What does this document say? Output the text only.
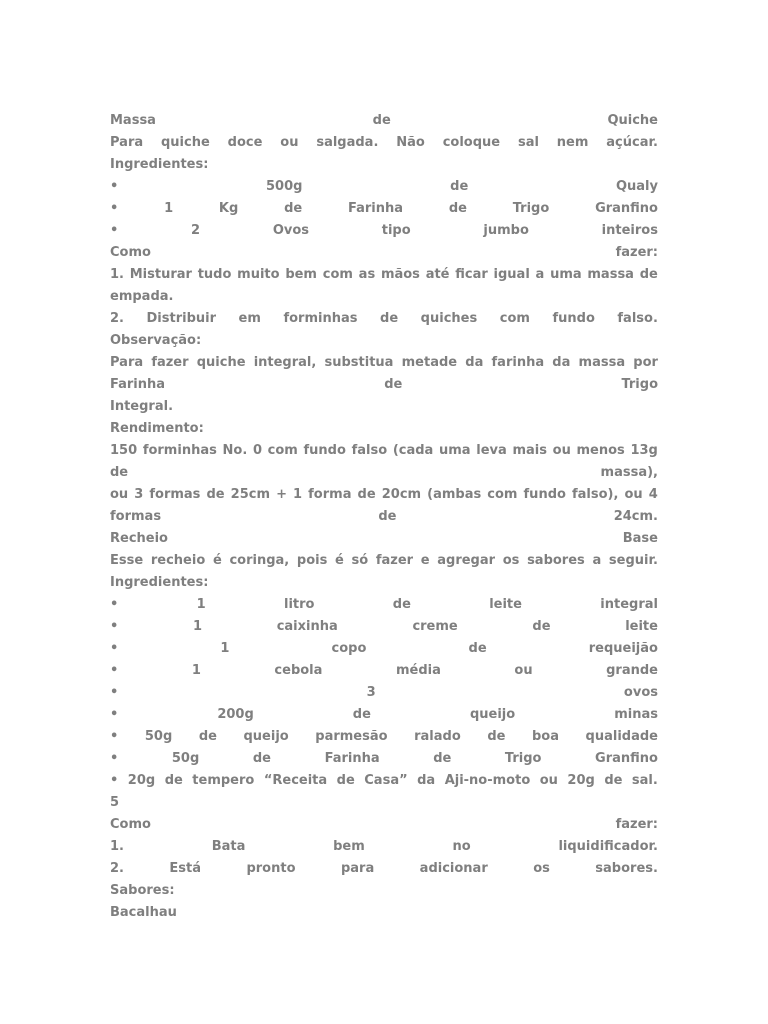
Massa	de	Quiche
Para quiche doce ou salgada. Não coloque sal nem açúcar.
Ingredientes:
•	500g	de	Qualy
•	1	Kg	de	Farinha	de	Trigo	Granfino
•	2	Ovos	tipo	jumbo	inteiros
Como	fazer:
1. Misturar tudo muito bem com as mãos até ficar igual a uma massa de
empada.
2. Distribuir em forminhas de quiches com fundo falso.
Observação:
Para fazer quiche integral, substitua metade da farinha da massa por
Farinha	de	Trigo
Integral.
Rendimento:
150 forminhas No. 0 com fundo falso (cada uma leva mais ou menos 13g
de	massa),
ou 3 formas de 25cm + 1 forma de 20cm (ambas com fundo falso), ou 4
formas	de	24cm.
Recheio	Base
Esse recheio é coringa, pois é só fazer e agregar os sabores a seguir.
Ingredientes:
•	1	litro	de	leite	integral
•	1	caixinha	creme	de	leite
•	1	copo	de	requeijão
•	1	cebola	média	ou	grande
•	3	ovos
•	200g	de	queijo	minas
• 50g de queijo parmesão ralado de boa qualidade
•	50g	de	Farinha	de	Trigo	Granfino
• 20g de tempero “Receita de Casa” da Aji-no-moto ou 20g de sal.
5
Como	fazer:
1.	Bata	bem	no	liquidificador.
2.	Está	pronto	para	adicionar	os	sabores.
Sabores:
Bacalhau
